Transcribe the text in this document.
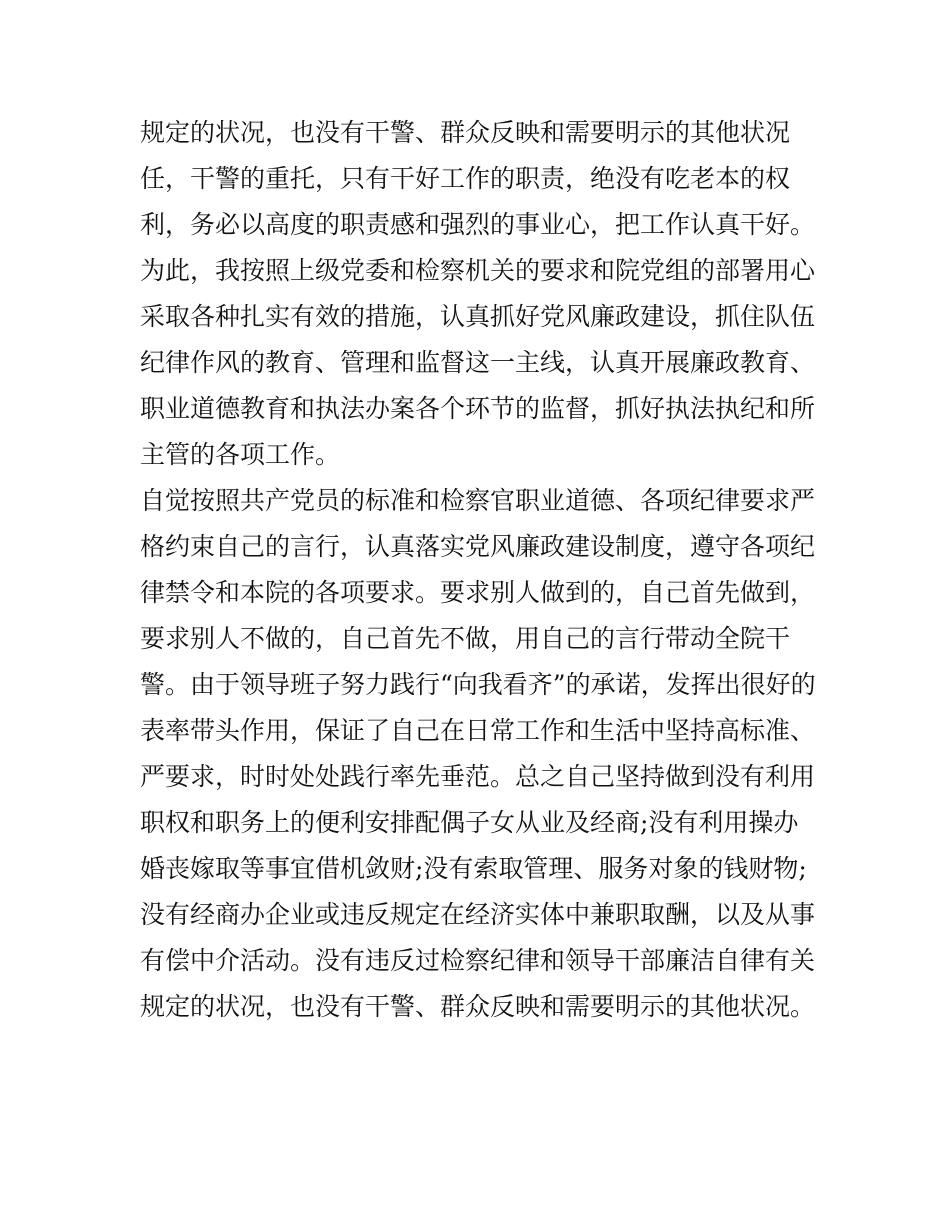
规定的状况，也没有干警、群众反映和需要明示的其他状况
任，干警的重托，只有干好工作的职责，绝没有吃老本的权
利，务必以高度的职责感和强烈的事业心，把工作认真干好。
为此，我按照上级党委和检察机关的要求和院党组的部署用心
采取各种扎实有效的措施，认真抓好党风廉政建设，抓住队伍
纪律作风的教育、管理和监督这一主线，认真开展廉政教育、
职业道德教育和执法办案各个环节的监督，抓好执法执纪和所
主管的各项工作。
自觉按照共产党员的标准和检察官职业道德、各项纪律要求严
格约束自己的言行，认真落实党风廉政建设制度，遵守各项纪
律禁令和本院的各项要求。要求别人做到的，自己首先做到，
要求别人不做的，自己首先不做，用自己的言行带动全院干
警。由于领导班子努力践行“向我看齐”的承诺，发挥出很好的
表率带头作用，保证了自己在日常工作和生活中坚持高标准、
严要求，时时处处践行率先垂范。总之自己坚持做到没有利用
职权和职务上的便利安排配偶子女从业及经商;没有利用操办
婚丧嫁取等事宜借机敛财;没有索取管理、服务对象的钱财物;
没有经商办企业或违反规定在经济实体中兼职取酬，以及从事
有偿中介活动。没有违反过检察纪律和领导干部廉洁自律有关
规定的状况，也没有干警、群众反映和需要明示的其他状况。
